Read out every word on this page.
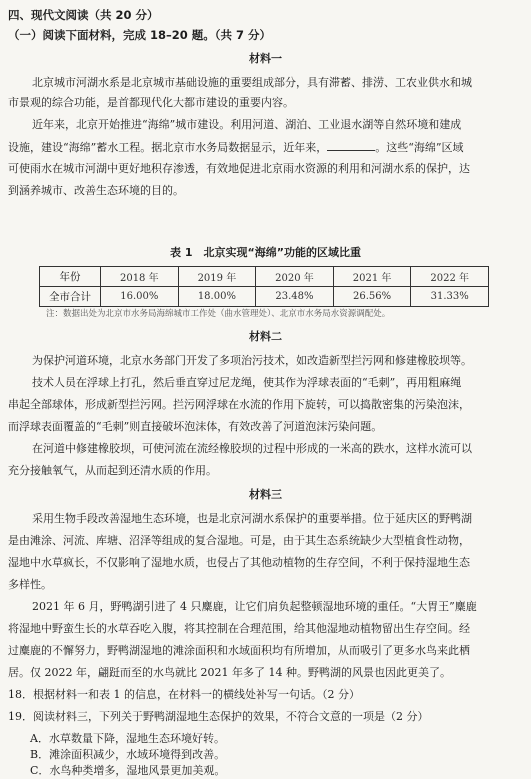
四、现代文阅读（共 20 分）
（一）阅读下面材料，完成 18–20 题。（共 7 分）
材料一
北京城市河湖水系是北京城市基础设施的重要组成部分，具有滞蓄、排涝、工农业供水和城
市景观的综合功能，是首都现代化大都市建设的重要内容。
近年来，北京开始推进“海绵”城市建设。利用河道、湖泊、工业退水湖等自然环境和建成
设施，建设“海绵”蓄水工程。据北京市水务局数据显示，近年来，	。这些“海绵”区域
可使雨水在城市河湖中更好地积存渗透，有效地促进北京雨水资源的利用和河湖水系的保护，达
到涵养城市、改善生态环境的目的。
表 1　北京实现“海绵”功能的区域比重
年份	2018 年	2019 年	2020 年	2021 年	2022 年
全市合计	16.00%	18.00%	23.48%	26.56%	31.33%
注：数据出处为北京市水务局海绵城市工作处（曲水管理处）、北京市水务局水资源调配处。
材料二
为保护河道环境，北京水务部门开发了多项治污技术，如改造新型拦污网和修建橡胶坝等。
技术人员在浮球上打孔，然后垂直穿过尼龙绳，使其作为浮球表面的“毛刺”，再用粗麻绳
串起全部球体，形成新型拦污网。拦污网浮球在水流的作用下旋转，可以捣散密集的污染泡沫，
而浮球表面覆盖的“毛刺”则直接破坏泡沫体，有效改善了河道泡沫污染问题。
在河道中修建橡胶坝，可使河流在流经橡胶坝的过程中形成的一米高的跌水，这样水流可以
充分接触氧气，从而起到还清水质的作用。
材料三
采用生物手段改善湿地生态环境，也是北京河湖水系保护的重要举措。位于延庆区的野鸭湖
是由滩涂、河流、库塘、沼泽等组成的复合湿地。可是，由于其生态系统缺少大型植食性动物，
湿地中水草疯长，不仅影响了湿地水质，也侵占了其他动植物的生存空间，不利于保持湿地生态
多样性。
2021 年 6 月，野鸭湖引进了 4 只麋鹿，让它们肩负起整顿湿地环境的重任。“大胃王”麋鹿
将湿地中野蛮生长的水草吞吃入腹，将其控制在合理范围，给其他湿地动植物留出生存空间。经
过麋鹿的不懈努力，野鸭湖湿地的滩涂面积和水域面积均有所增加，从而吸引了更多水鸟来此栖
居。仅 2022 年，翩跹而至的水鸟就比 2021 年多了 14 种。野鸭湖的风景也因此更美了。
18．根据材料一和表 1 的信息，在材料一的横线处补写一句话。（2 分）
19．阅读材料三，下列关于野鸭湖湿地生态保护的效果，不符合文意的一项是（2 分）
A．水草数量下降，湿地生态环境好转。
B．滩涂面积减少，水域环境得到改善。
C．水鸟种类增多，湿地风景更加美观。
